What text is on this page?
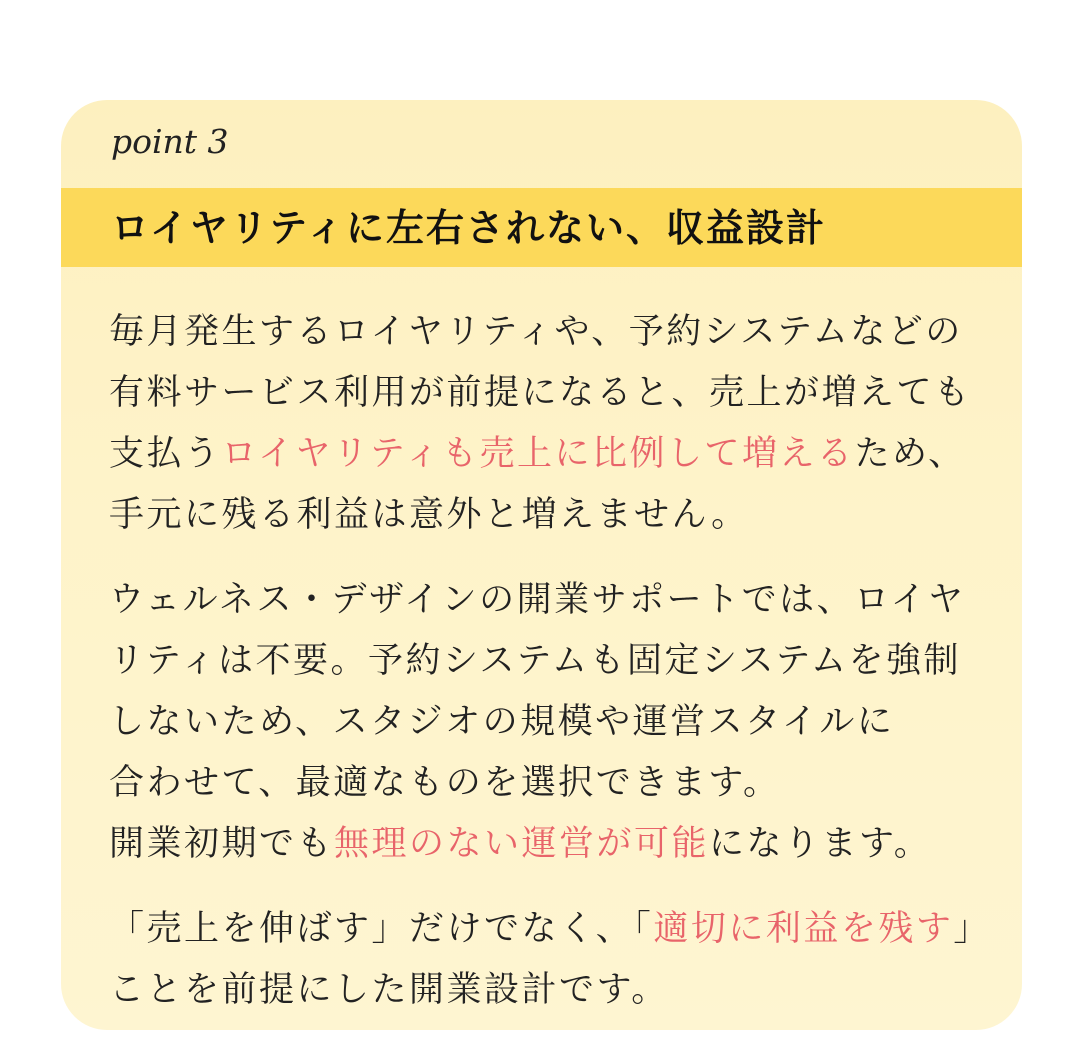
point 3
ロイヤリティに左右されない、収益設計

毎月発生するロイヤリティや、予約システムなどの
有料サービス利用が前提になると、売上が増えても
支払うロイヤリティも売上に比例して増えるため、
手元に残る利益は意外と増えません。

ウェルネス・デザインの開業サポートでは、ロイヤ
リティは不要。予約システムも固定システムを強制
しないため、スタジオの規模や運営スタイルに
合わせて、最適なものを選択できます。
開業初期でも無理のない運営が可能になります。

「売上を伸ばす」だけでなく、「適切に利益を残す」
ことを前提にした開業設計です。
